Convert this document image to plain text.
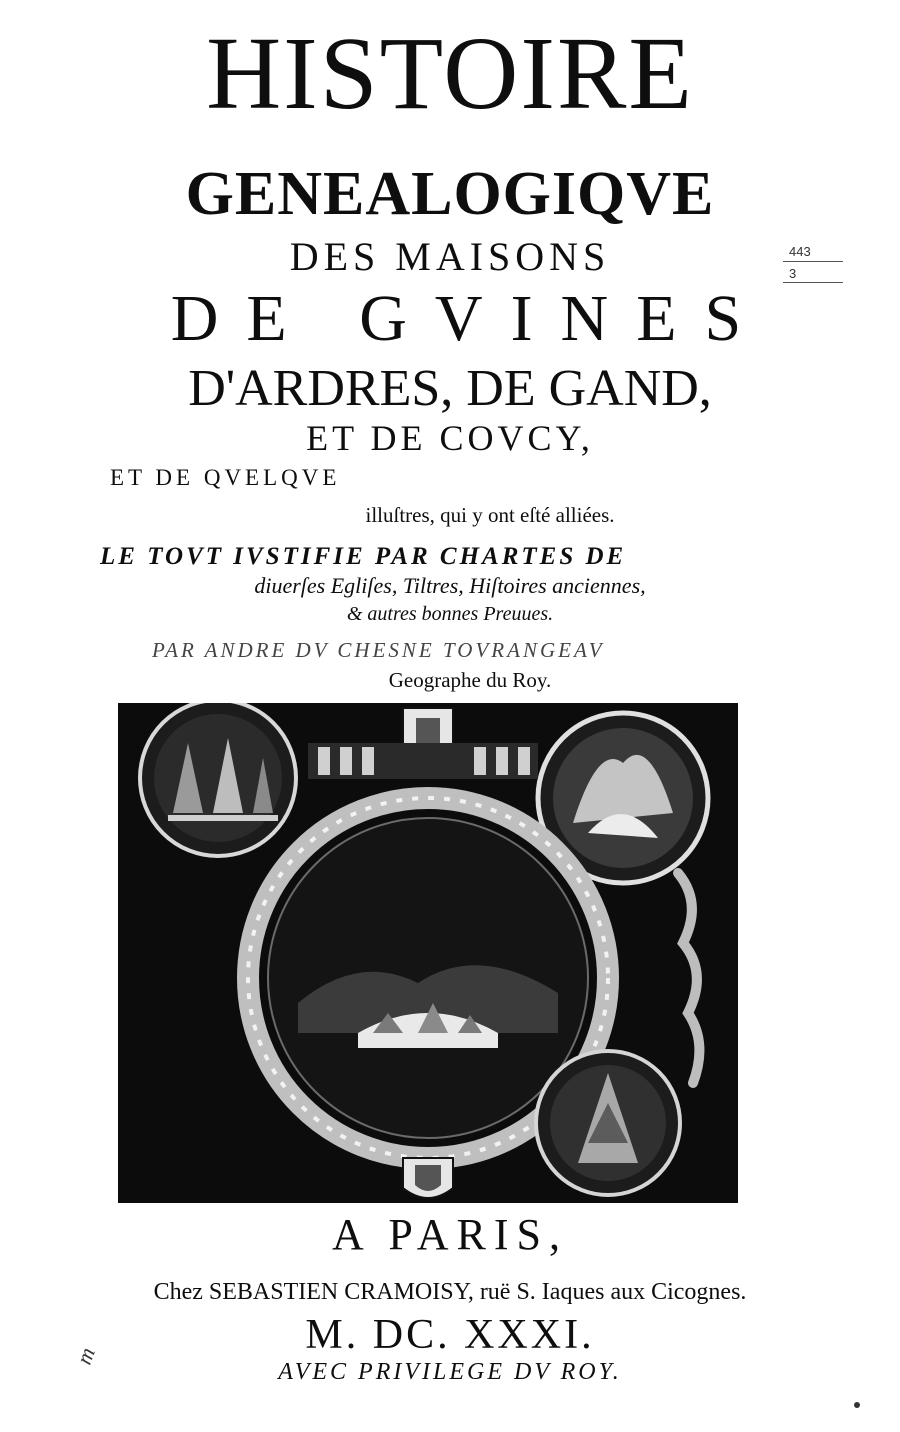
HISTOIRE
GENEALOGIQVE
DES MAISONS
DE GVINES
D'ARDRES, DE GAND,
ET DE COVCY,
ET DE QVELQVE
illuſtres, qui y ont eſté alliées.
LE TOVT IVSTIFIE PAR CHARTES DE
diuerſes Egliſes, Tiltres, Hiſtoires anciennes,
& autres bonnes Preuues.
PAR ANDRE DV CHESNE TOVRANGEAV
Geographe du Roy.
A PARIS,
Chez SEBASTIEN CRAMOISY, ruë S. Iaques aux Cicognes.
M. DC. XXXI.
AVEC PRIVILEGE DV ROY.
443
3
m
